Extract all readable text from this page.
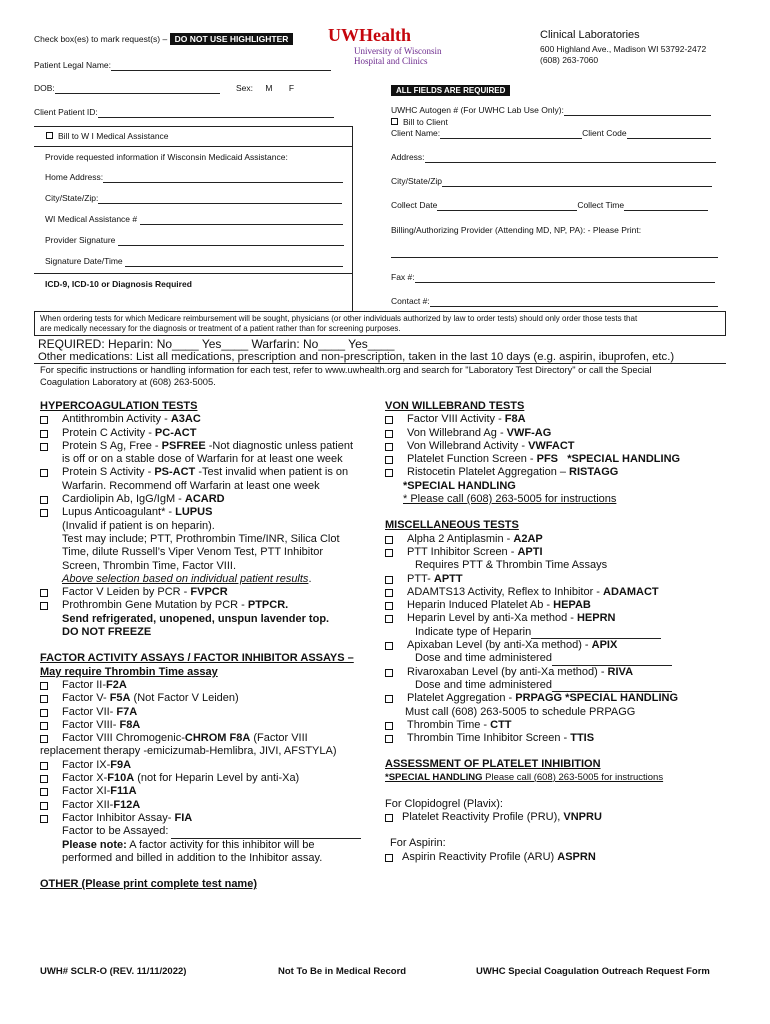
Check box(es) to mark request(s) – DO NOT USE HIGHLIGHTER UWHealth
University of Wisconsin
Hospital and Clinics
Clinical Laboratories
600 Highland Ave., Madison WI 53792-2472
(608) 263-7060
Patient Legal Name:
DOB:	Sex: M F	ALL FIELDS ARE REQUIRED
Client Patient ID:
Bill to W I Medical Assistance
Provide requested information if Wisconsin Medicaid Assistance:
Home Address:
City/State/Zip:
WI Medical Assistance #
Provider Signature
Signature Date/Time
ICD-9, ICD-10 or Diagnosis Required
UWHC Autogen # (For UWHC Lab Use Only):
Bill to Client
Client Name:	Client Code
Address:
City/State/Zip
Collect Date	Collect Time
Billing/Authorizing Provider (Attending MD, NP, PA): - Please Print:
Fax #:
Contact #:
When ordering tests for which Medicare reimbursement will be sought, physicians (or other individuals authorized by law to order tests) should only order those tests that
are medically necessary for the diagnosis or treatment of a patient rather than for screening purposes.
REQUIRED: Heparin: No____ Yes____ Warfarin: No____ Yes____
Other medications: List all medications, prescription and non-prescription, taken in the last 10 days (e.g. aspirin, ibuprofen, etc.)
For specific instructions or handling information for each test, refer to www.uwhealth.org and search for "Laboratory Test Directory" or call the Special
Coagulation Laboratory at (608) 263-5005.
HYPERCOAGULATION TESTS
Antithrombin Activity - A3AC
Protein C Activity - PC-ACT
Protein S Ag, Free - PSFREE -Not diagnostic unless patient
is off or on a stable dose of Warfarin for at least one week
Protein S Activity - PS-ACT -Test invalid when patient is on
Warfarin. Recommend off Warfarin at least one week
Cardiolipin Ab, IgG/IgM - ACARD
Lupus Anticoagulant* - LUPUS
(Invalid if patient is on heparin).
Test may include; PTT, Prothrombin Time/INR, Silica Clot
Time, dilute Russell’s Viper Venom Test, PTT Inhibitor
Screen, Thrombin Time, Factor VIII.
Above selection based on individual patient results.
Factor V Leiden by PCR - FVPCR
Prothrombin Gene Mutation by PCR - PTPCR.
Send refrigerated, unopened, unspun lavender top.
DO NOT FREEZE
FACTOR ACTIVITY ASSAYS / FACTOR INHIBITOR ASSAYS –
May require Thrombin Time assay
Factor II-F2A
Factor V- F5A (Not Factor V Leiden)
Factor VII- F7A
Factor VIII- F8A
Factor VIII Chromogenic-CHROM F8A (Factor VIII
replacement therapy -emicizumab-Hemlibra, JIVI, AFSTYLA)
Factor IX-F9A
Factor X-F10A (not for Heparin Level by anti-Xa)
Factor XI-F11A
Factor XII-F12A
Factor Inhibitor Assay- FIA
Factor to be Assayed:
Please note: A factor activity for this inhibitor will be
performed and billed in addition to the Inhibitor assay.
OTHER (Please print complete test name)
VON WILLEBRAND TESTS
Factor VIII Activity - F8A
Von Willebrand Ag - VWF-AG
Von Willebrand Activity - VWFACT
Platelet Function Screen - PFS   *SPECIAL HANDLING
Ristocetin Platelet Aggregation – RISTAGG
*SPECIAL HANDLING
* Please call (608) 263-5005 for instructions
MISCELLANEOUS TESTS
Alpha 2 Antiplasmin - A2AP
PTT Inhibitor Screen - APTI
Requires PTT & Thrombin Time Assays
PTT- APTT
ADAMTS13 Activity, Reflex to Inhibitor - ADAMACT
Heparin Induced Platelet Ab - HEPAB
Heparin Level by anti-Xa method - HEPRN
Indicate type of Heparin
Apixaban Level (by anti-Xa method) - APIX
Dose and time administered
Rivaroxaban Level (by anti-Xa method) - RIVA
Dose and time administered
Platelet Aggregation - PRPAGG *SPECIAL HANDLING
Must call (608) 263-5005 to schedule PRPAGG
Thrombin Time - CTT
Thrombin Time Inhibitor Screen - TTIS
ASSESSMENT OF PLATELET INHIBITION
*SPECIAL HANDLING Please call (608) 263-5005 for instructions
For Clopidogrel (Plavix):
Platelet Reactivity Profile (PRU), VNPRU
For Aspirin:
Aspirin Reactivity Profile (ARU) ASPRN
UWH# SCLR-O (REV. 11/11/2022)	Not To Be in Medical Record	UWHC Special Coagulation Outreach Request Form
